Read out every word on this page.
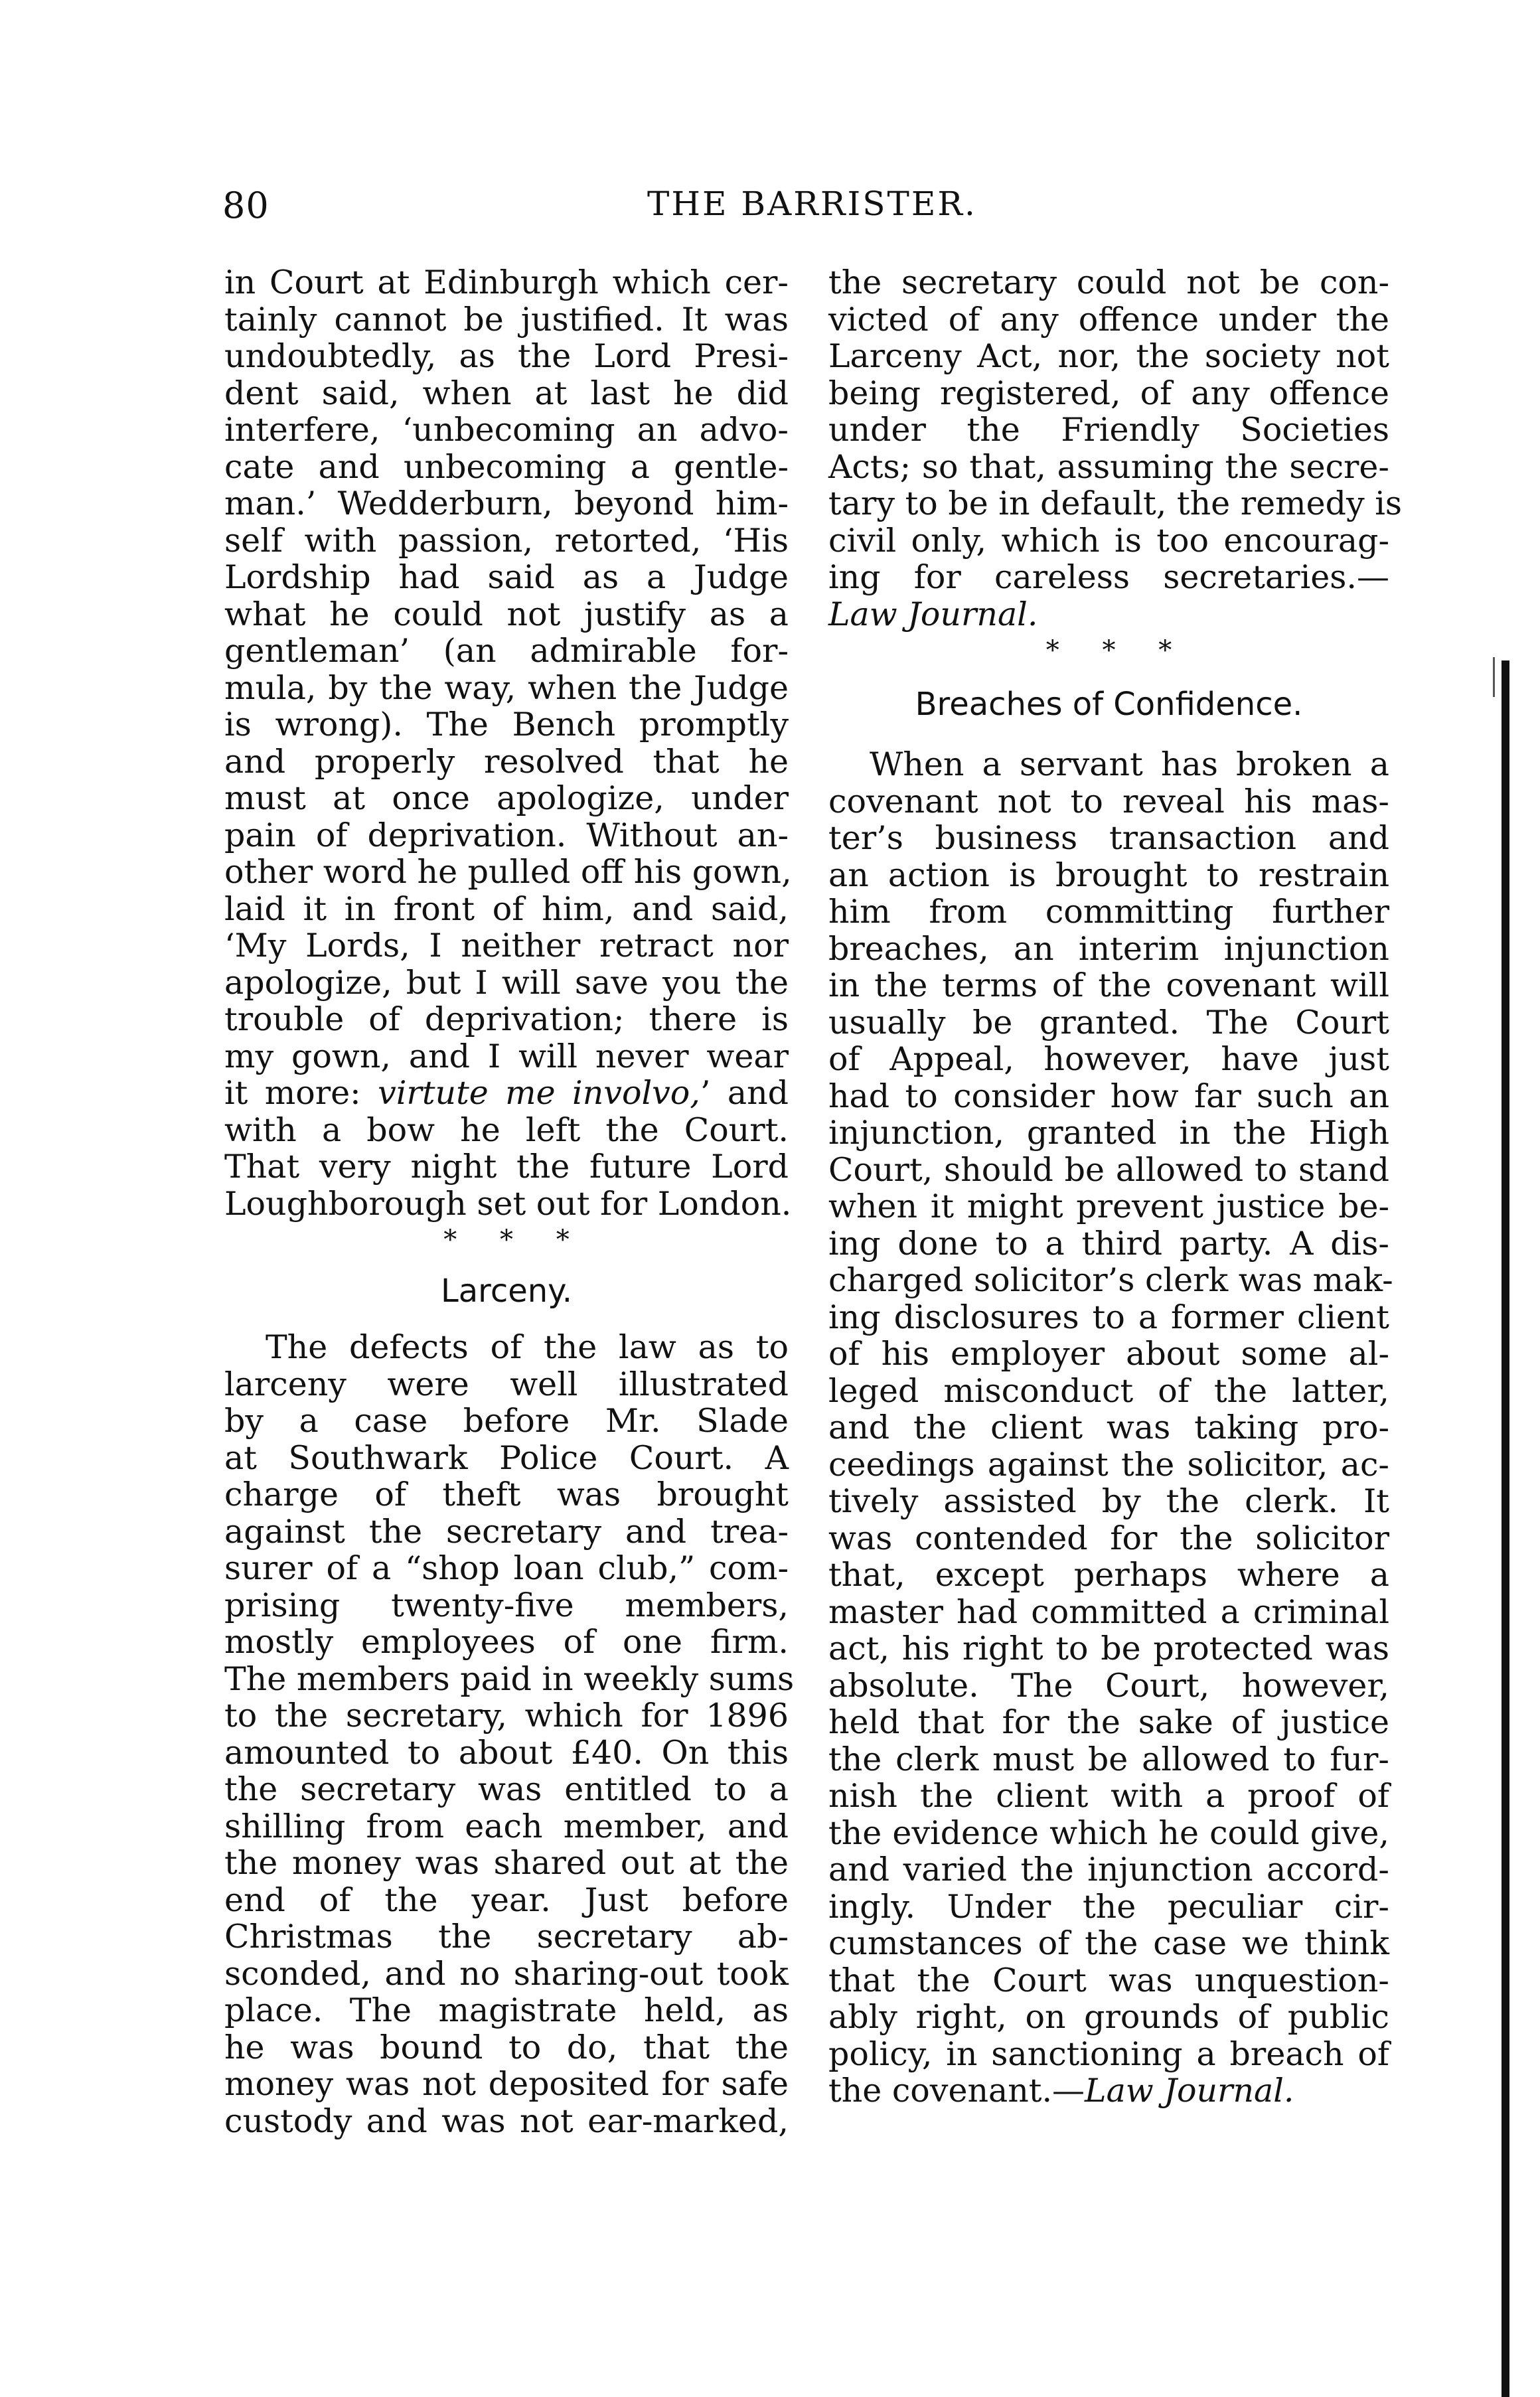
80	THE BARRISTER.
in Court at Edinburgh which cer-
tainly cannot be justified. It was
undoubtedly, as the Lord Presi-
dent said, when at last he did
interfere, ‘unbecoming an advo-
cate and unbecoming a gentle-
man.’ Wedderburn, beyond him-
self with passion, retorted, ‘His
Lordship had said as a Judge
what he could not justify as a
gentleman’ (an admirable for-
mula, by the way, when the Judge
is wrong). The Bench promptly
and properly resolved that he
must at once apologize, under
pain of deprivation. Without an-
other word he pulled off his gown,
laid it in front of him, and said,
‘My Lords, I neither retract nor
apologize, but I will save you the
trouble of deprivation; there is
my gown, and I will never wear
it more: virtute me involvo,’ and
with a bow he left the Court.
That very night the future Lord
Loughborough set out for London.
* * *
Larceny.
The defects of the law as to
larceny were well illustrated
by a case before Mr. Slade
at Southwark Police Court. A
charge of theft was brought
against the secretary and trea-
surer of a “shop loan club,” com-
prising twenty-five members,
mostly employees of one firm.
The members paid in weekly sums
to the secretary, which for 1896
amounted to about £40. On this
the secretary was entitled to a
shilling from each member, and
the money was shared out at the
end of the year. Just before
Christmas the secretary ab-
sconded, and no sharing-out took
place. The magistrate held, as
he was bound to do, that the
money was not deposited for safe
custody and was not ear-marked,
the secretary could not be con-
victed of any offence under the
Larceny Act, nor, the society not
being registered, of any offence
under the Friendly Societies
Acts; so that, assuming the secre-
tary to be in default, the remedy is
civil only, which is too encourag-
ing for careless secretaries.—
Law Journal.
* * *
Breaches of Confidence.
When a servant has broken a
covenant not to reveal his mas-
ter’s business transaction and
an action is brought to restrain
him from committing further
breaches, an interim injunction
in the terms of the covenant will
usually be granted. The Court
of Appeal, however, have just
had to consider how far such an
injunction, granted in the High
Court, should be allowed to stand
when it might prevent justice be-
ing done to a third party. A dis-
charged solicitor’s clerk was mak-
ing disclosures to a former client
of his employer about some al-
leged misconduct of the latter,
and the client was taking pro-
ceedings against the solicitor, ac-
tively assisted by the clerk. It
was contended for the solicitor
that, except perhaps where a
master had committed a criminal
act, his right to be protected was
absolute. The Court, however,
held that for the sake of justice
the clerk must be allowed to fur-
nish the client with a proof of
the evidence which he could give,
and varied the injunction accord-
ingly. Under the peculiar cir-
cumstances of the case we think
that the Court was unquestion-
ably right, on grounds of public
policy, in sanctioning a breach of
the covenant.—Law Journal.
